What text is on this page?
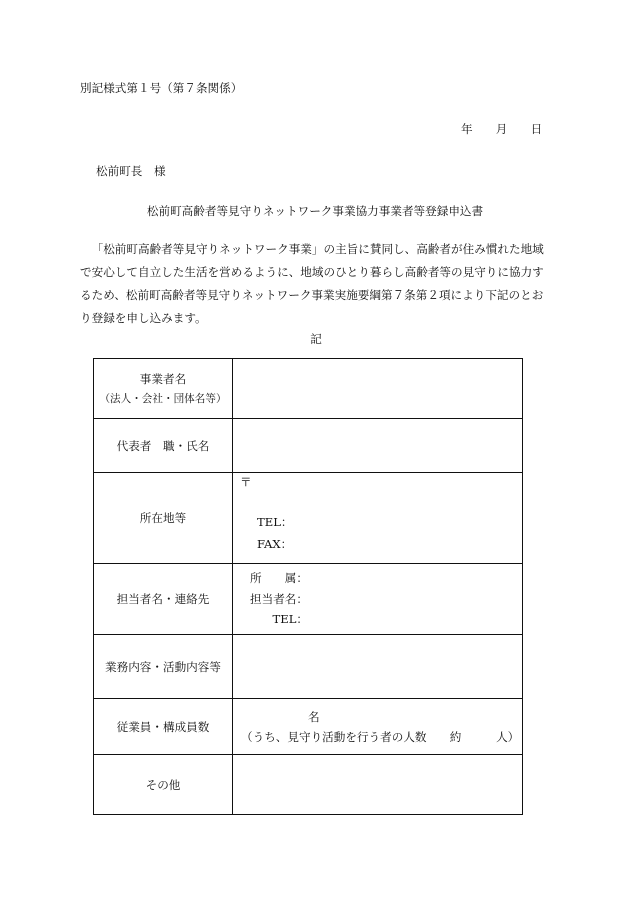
別記様式第１号（第７条関係）
年　　月　　日
松前町長　様
松前町高齢者等見守りネットワーク事業協力事業者等登録申込書
「松前町高齢者等見守りネットワーク事業」の主旨に賛同し、高齢者が住み慣れた地域
で安心して自立した生活を営めるように、地域のひとり暮らし高齢者等の見守りに協力す
るため、松前町高齢者等見守りネットワーク事業実施要綱第７条第２項により下記のとお
り登録を申し込みます。
記
事業者名
（法人・会社・団体名等）
代表者　職・氏名
所在地等
〒
TEL：
FAX：
担当者名・連絡先
所　　属：
担当者名：
TEL：
業務内容・活動内容等
従業員・構成員数
名
（うち、見守り活動を行う者の人数　　約　　　人）
その他
